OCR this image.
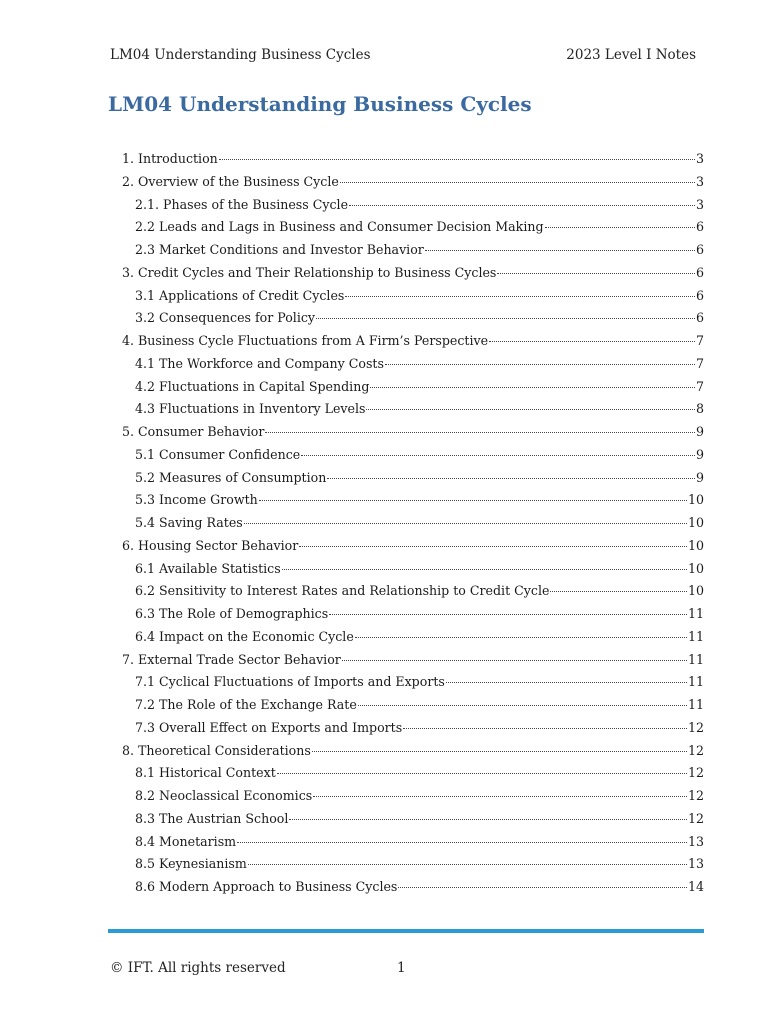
LM04 Understanding Business Cycles	2023 Level I Notes
LM04 Understanding Business Cycles
1. Introduction	3
2. Overview of the Business Cycle	3
2.1. Phases of the Business Cycle	3
2.2 Leads and Lags in Business and Consumer Decision Making	6
2.3 Market Conditions and Investor Behavior	6
3. Credit Cycles and Their Relationship to Business Cycles	6
3.1 Applications of Credit Cycles	6
3.2 Consequences for Policy	6
4. Business Cycle Fluctuations from A Firm’s Perspective	7
4.1 The Workforce and Company Costs	7
4.2 Fluctuations in Capital Spending	7
4.3 Fluctuations in Inventory Levels	8
5. Consumer Behavior	9
5.1 Consumer Confidence	9
5.2 Measures of Consumption	9
5.3 Income Growth	10
5.4 Saving Rates	10
6. Housing Sector Behavior	10
6.1 Available Statistics	10
6.2 Sensitivity to Interest Rates and Relationship to Credit Cycle	10
6.3 The Role of Demographics	11
6.4 Impact on the Economic Cycle	11
7. External Trade Sector Behavior	11
7.1 Cyclical Fluctuations of Imports and Exports	11
7.2 The Role of the Exchange Rate	11
7.3 Overall Effect on Exports and Imports	12
8. Theoretical Considerations	12
8.1 Historical Context	12
8.2 Neoclassical Economics	12
8.3 The Austrian School	12
8.4 Monetarism	13
8.5 Keynesianism	13
8.6 Modern Approach to Business Cycles	14
© IFT. All rights reserved	1
